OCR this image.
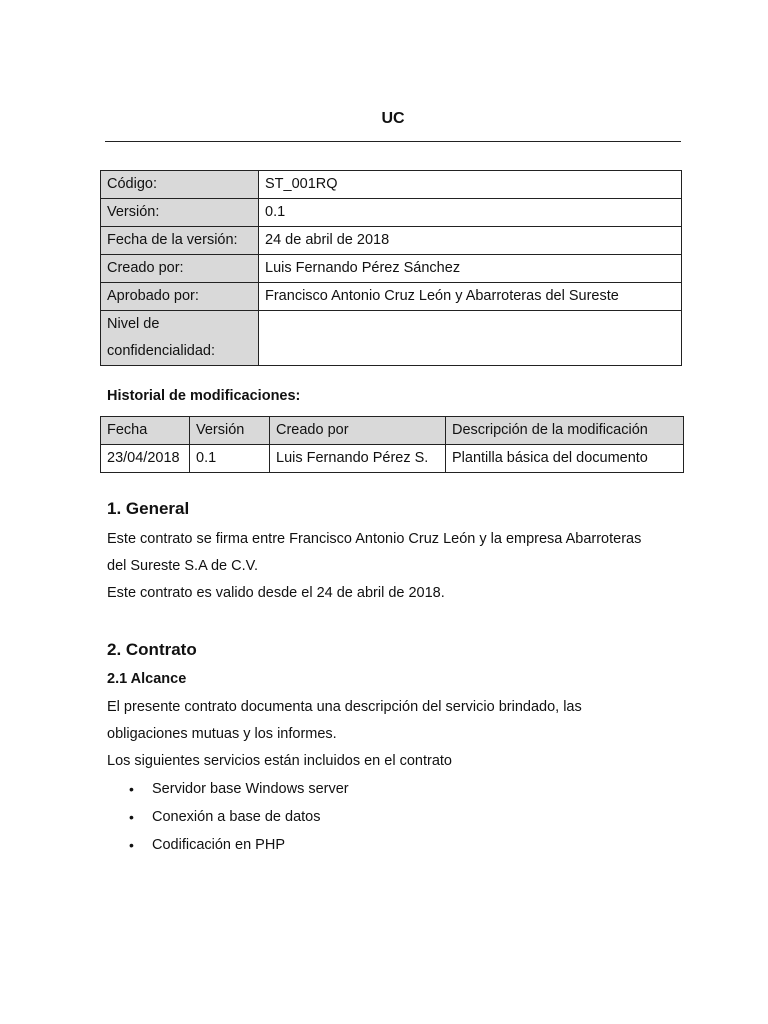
UC
Código:	ST_001RQ
Versión:	0.1
Fecha de la versión:	24 de abril de 2018
Creado por:	Luis Fernando Pérez Sánchez
Aprobado por:	Francisco Antonio Cruz León y Abarroteras del Sureste

Nivel de
confidencialidad:	

Historial de modificaciones:
Fecha	Versión	Creado por	Descripción de la modificación
23/04/2018	0.1	Luis Fernando Pérez S.	Plantilla básica del documento
1. General
Este contrato se firma entre Francisco Antonio Cruz León y la empresa Abarroteras
del Sureste S.A de C.V.
Este contrato es valido desde el 24 de abril de 2018.
2. Contrato
2.1 Alcance
El presente contrato documenta una descripción del servicio brindado, las
obligaciones mutuas y los informes.
Los siguientes servicios están incluidos en el contrato
• Servidor base Windows server
• Conexión a base de datos
• Codificación en PHP
